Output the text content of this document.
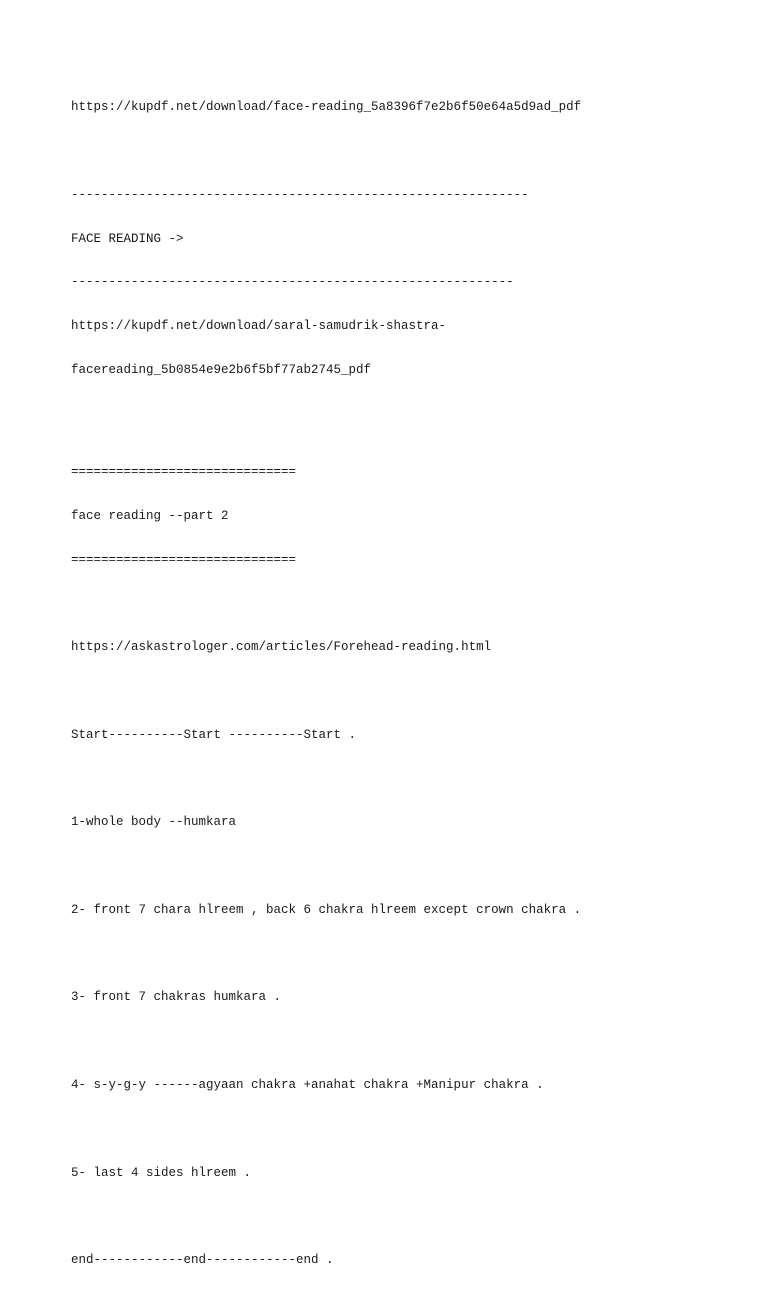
https://kupdf.net/download/face-reading_5a8396f7e2b6f50e64a5d9ad_pdf

-------------------------------------------------------------

FACE READING ->

-----------------------------------------------------------

https://kupdf.net/download/saral-samudrik-shastra-

facereading_5b0854e9e2b6f5bf77ab2745_pdf

==============================

face reading --part 2

==============================

https://askastrologer.com/articles/Forehead-reading.html

Start----------Start ----------Start .

1-whole body --humkara

2- front 7 chara hlreem , back 6 chakra hlreem except crown chakra .

3- front 7 chakras humkara .

4- s-y-g-y ------agyaan chakra +anahat chakra +Manipur chakra .

5- last 4 sides hlreem .

end------------end------------end .
